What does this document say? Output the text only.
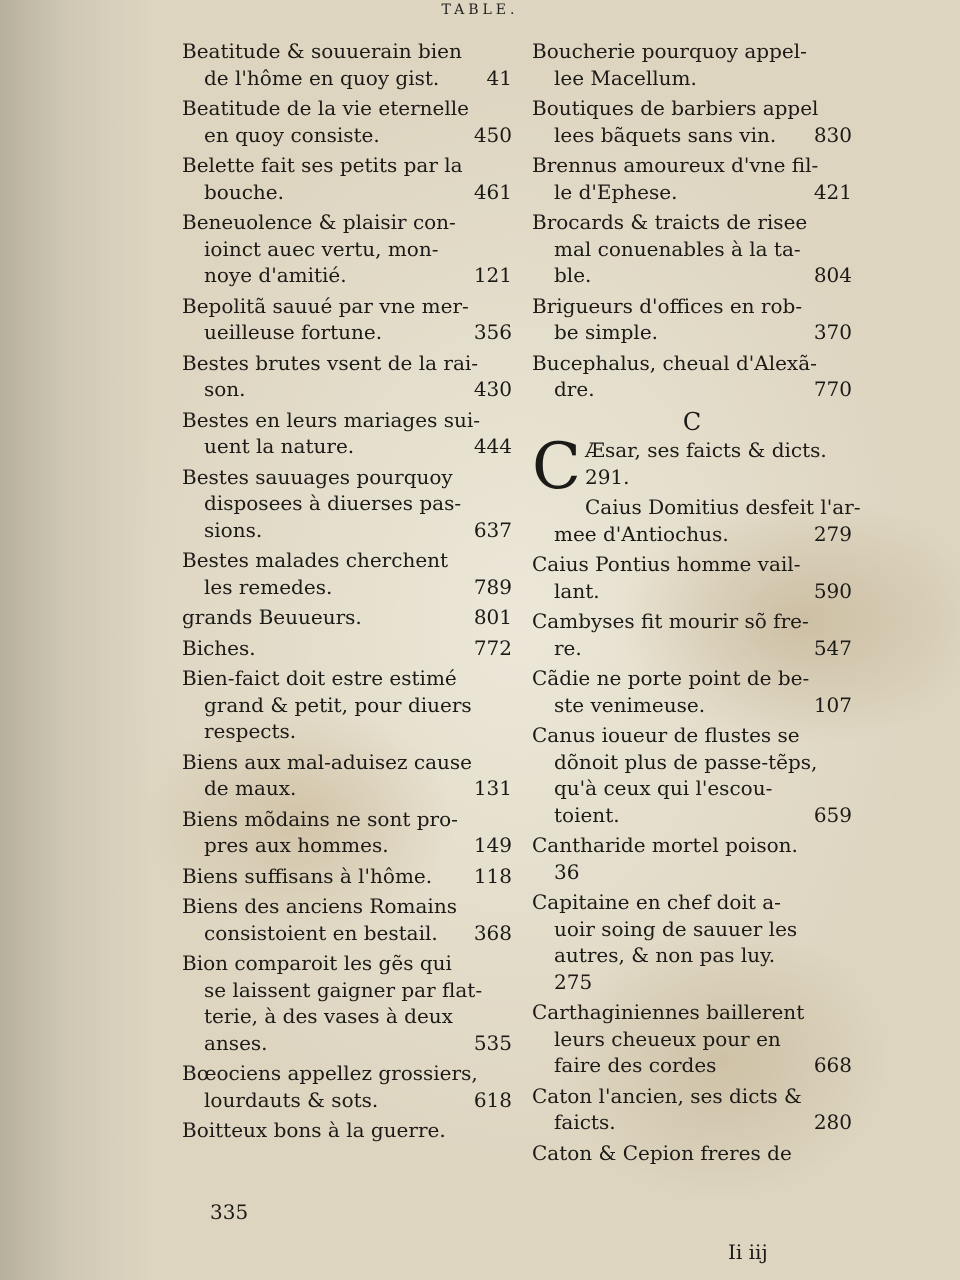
TABLE.
Beatitude & souuerain bien
41
de l'hôme en quoy gist.
Beatitude de la vie eternelle
450
en quoy consiste.
Belette fait ses petits par la
461
bouche.
Beneuolence & plaisir con-
ioinct auec vertu, mon-
121
noye d'amitié.
Bepolitã sauué par vne mer-
356
ueilleuse fortune.
Bestes brutes vsent de la rai-
430
son.
Bestes en leurs mariages sui-
444
uent la nature.
Bestes sauuages pourquoy
disposees à diuerses pas-
637
sions.
Bestes malades cherchent
789
les remedes.
801
grands Beuueurs.
772
Biches.
Bien-faict doit estre estimé
grand & petit, pour diuers
respects.
Biens aux mal-aduisez cause
131
de maux.
Biens mõdains ne sont pro-
149
pres aux hommes.
118
Biens suffisans à l'hôme.
Biens des anciens Romains
368
consistoient en bestail.
Bion comparoit les gẽs qui
se laissent gaigner par flat-
terie, à des vases à deux
535
anses.
Bœociens appellez grossiers,
618
lourdauts & sots.
Boitteux bons à la guerre.
335
Boucherie pourquoy appel-
lee Macellum.
Boutiques de barbiers appel
830
lees bãquets sans vin.
Brennus amoureux d'vne fil-
421
le d'Ephese.
Brocards & traicts de risee
mal conuenables à la ta-
804
ble.
Brigueurs d'offices en rob-
370
be simple.
Bucephalus, cheual d'Alexã-
770
dre.
C
C Æsar, ses faicts & dicts.
291.
Caius Domitius desfeit l'ar-
279
mee d'Antiochus.
Caius Pontius homme vail-
590
lant.
Cambyses fit mourir sõ fre-
547
re.
Cãdie ne porte point de be-
107
ste venimeuse.
Canus ioueur de flustes se
dõnoit plus de passe-tẽps,
qu'à ceux qui l'escou-
659
toient.
Cantharide mortel poison.
36
Capitaine en chef doit a-
uoir soing de sauuer les
autres, & non pas luy.
275
Carthaginiennes baillerent
leurs cheueux pour en
668
faire des cordes
Caton l'ancien, ses dicts &
280
faicts.
Caton & Cepion freres de
Ii iij
